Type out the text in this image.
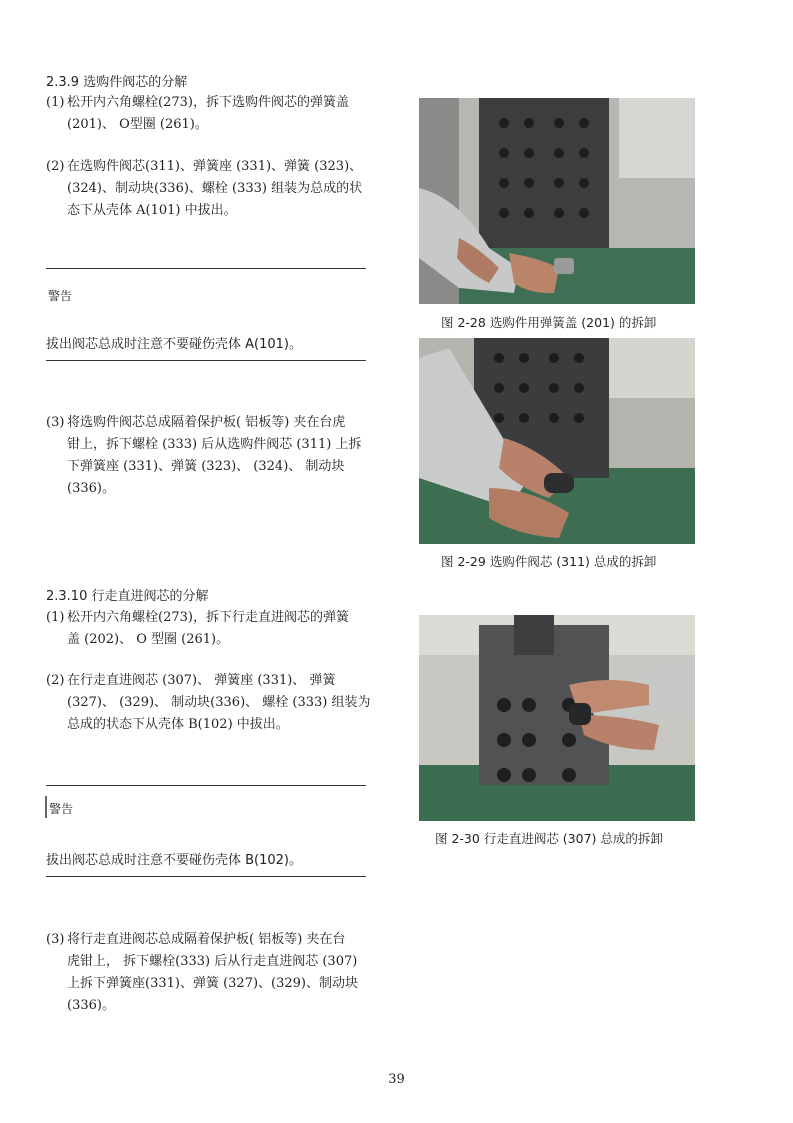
2.3.9 选购件阀芯的分解
(1) 松开内六角螺栓(273)，拆下选购件阀芯的弹簧盖
(201)、 O型圈 (261)。
(2) 在选购件阀芯(311)、弹簧座 (331)、弹簧 (323)、
(324)、制动块(336)、螺栓 (333) 组装为总成的状
态下从壳体 A(101) 中拔出。
警告
拔出阀芯总成时注意不要碰伤壳体 A(101)。
(3) 将选购件阀芯总成隔着保护板( 铝板等) 夹在台虎
钳上，拆下螺栓 (333) 后从选购件阀芯 (311) 上拆
下弹簧座 (331)、弹簧 (323)、 (324)、 制动块
(336)。
2.3.10 行走直进阀芯的分解
(1) 松开内六角螺栓(273)，拆下行走直进阀芯的弹簧
盖 (202)、 O 型圈 (261)。
(2) 在行走直进阀芯 (307)、 弹簧座 (331)、 弹簧
(327)、 (329)、 制动块(336)、 螺栓 (333) 组装为
总成的状态下从壳体 B(102) 中拔出。
警告
拔出阀芯总成时注意不要碰伤壳体 B(102)。
(3) 将行走直进阀芯总成隔着保护板( 铝板等) 夹在台
虎钳上， 拆下螺栓(333) 后从行走直进阀芯 (307)
上拆下弹簧座(331)、弹簧 (327)、(329)、制动块
(336)。
图 2-28 选购件用弹簧盖 (201) 的拆卸
图 2-29 选购件阀芯 (311) 总成的拆卸
图 2-30 行走直进阀芯 (307) 总成的拆卸
39
